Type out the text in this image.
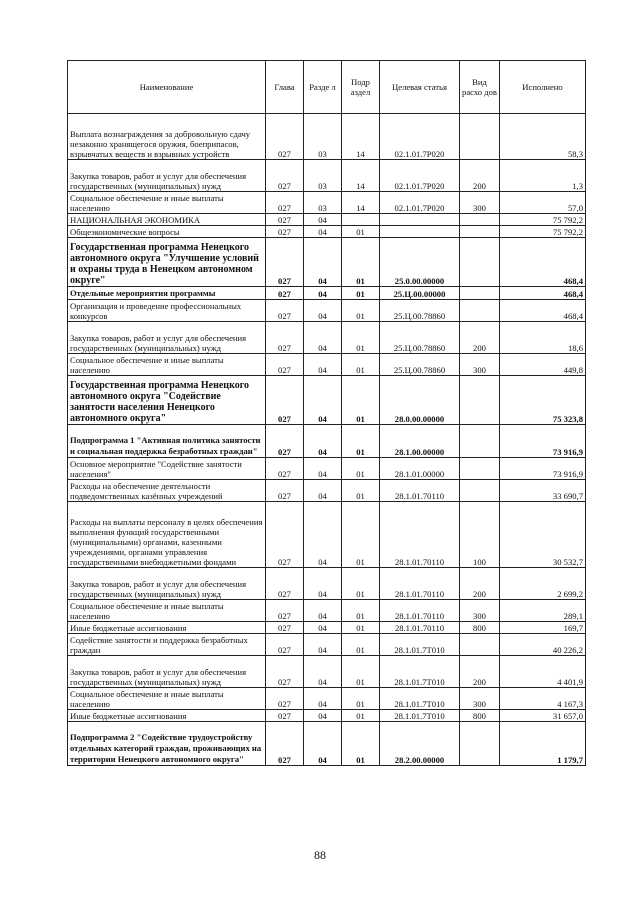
Наименование	Глава	Разде л	Подр аздел	Целевая статья	Вид расхо дов	Исполнено
Выплата вознаграждения за добровольную сдачу незаконно хранящегося оружия, боеприпасов, взрывчатых веществ и взрывных устройств	027	03	14	02.1.01.7Р020		58,3
Закупка товаров, работ и услуг для обеспечения государственных (муниципальных) нужд	027	03	14	02.1.01.7Р020	200	1,3
Социальное обеспечение и иные выплаты населению	027	03	14	02.1.01.7Р020	300	57,0
НАЦИОНАЛЬНАЯ ЭКОНОМИКА	027	04				75 792,2
Общеэкономические вопросы	027	04	01			75 792,2
Государственная программа Ненецкого автономного округа "Улучшение условий и охраны труда в Ненецком автономном округе"	027	04	01	25.0.00.00000		468,4
Отдельные мероприятия программы	027	04	01	25.Ц.00.00000		468,4
Организация и проведение профессиональных конкурсов	027	04	01	25.Ц.00.78860		468,4
Закупка товаров, работ и услуг для обеспечения государственных (муниципальных) нужд	027	04	01	25.Ц.00.78860	200	18,6
Социальное обеспечение и иные выплаты населению	027	04	01	25.Ц.00.78860	300	449,8
Государственная программа Ненецкого автономного округа "Содействие занятости населения Ненецкого автономного округа"	027	04	01	28.0.00.00000		75 323,8
Подпрограмма 1 "Активная политика занятости и социальная поддержка безработных граждан"	027	04	01	28.1.00.00000		73 916,9
Основное мероприятие "Содействие занятости населения"	027	04	01	28.1.01.00000		73 916,9
Расходы на обеспечение деятельности подведомственных казённых учреждений	027	04	01	28.1.01.70110		33 690,7
Расходы на выплаты персоналу в целях обеспечения выполнения функций государственными (муниципальными) органами, казенными учреждениями, органами управления государственными внебюджетными фондами	027	04	01	28.1.01.70110	100	30 532,7
Закупка товаров, работ и услуг для обеспечения государственных (муниципальных) нужд	027	04	01	28.1.01.70110	200	2 699,2
Социальное обеспечение и иные выплаты населению	027	04	01	28.1.01.70110	300	289,1
Иные бюджетные ассигнования	027	04	01	28.1.01.70110	800	169,7
Содействие занятости и поддержка безработных граждан	027	04	01	28.1.01.7Т010		40 226,2
Закупка товаров, работ и услуг для обеспечения государственных (муниципальных) нужд	027	04	01	28.1.01.7Т010	200	4 401,9
Социальное обеспечение и иные выплаты населению	027	04	01	28.1.01.7Т010	300	4 167,3
Иные бюджетные ассигнования	027	04	01	28.1.01.7Т010	800	31 657,0
Подпрограмма 2 "Содействие трудоустройству отдельных категорий граждан, проживающих на территории Ненецкого автономного округа"	027	04	01	28.2.00.00000		1 179,7
88
